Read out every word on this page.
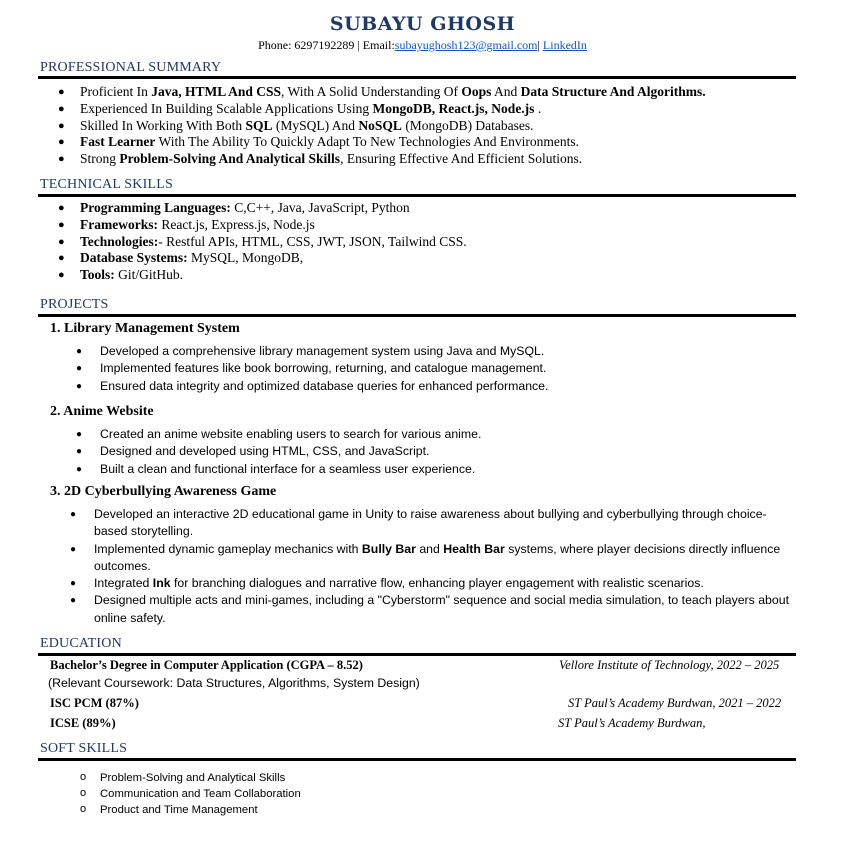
SUBAYU GHOSH
Phone: 6297192289 | Email:subayughosh123@gmail.com| LinkedIn
PROFESSIONAL SUMMARY
● Proficient In Java, HTML And CSS, With A Solid Understanding Of Oops And Data Structure And Algorithms.
● Experienced In Building Scalable Applications Using MongoDB, React.js, Node.js .
● Skilled In Working With Both SQL (MySQL) And NoSQL (MongoDB) Databases.
● Fast Learner With The Ability To Quickly Adapt To New Technologies And Environments.
● Strong Problem-Solving And Analytical Skills, Ensuring Effective And Efficient Solutions.
TECHNICAL SKILLS
● Programming Languages: C,C++, Java, JavaScript, Python
● Frameworks: React.js, Express.js, Node.js
● Technologies:- Restful APIs, HTML, CSS, JWT, JSON, Tailwind CSS.
● Database Systems: MySQL, MongoDB,
● Tools: Git/GitHub.
PROJECTS
1. Library Management System
● Developed a comprehensive library management system using Java and MySQL.
● Implemented features like book borrowing, returning, and catalogue management.
● Ensured data integrity and optimized database queries for enhanced performance.
2. Anime Website
● Created an anime website enabling users to search for various anime.
● Designed and developed using HTML, CSS, and JavaScript.
● Built a clean and functional interface for a seamless user experience.
3. 2D Cyberbullying Awareness Game
● Developed an interactive 2D educational game in Unity to raise awareness about bullying and cyberbullying through choice-based storytelling.
● Implemented dynamic gameplay mechanics with Bully Bar and Health Bar systems, where player decisions directly influence outcomes.
● Integrated Ink for branching dialogues and narrative flow, enhancing player engagement with realistic scenarios.
● Designed multiple acts and mini-games, including a "Cyberstorm" sequence and social media simulation, to teach players about online safety.
EDUCATION
Bachelor’s Degree in Computer Application (CGPA – 8.52)	Vellore Institute of Technology, 2022 – 2025
(Relevant Coursework: Data Structures, Algorithms, System Design)
ISC PCM (87%)	ST Paul’s Academy Burdwan, 2021 – 2022
ICSE (89%)	ST Paul’s Academy Burdwan,
SOFT SKILLS
o Problem-Solving and Analytical Skills
o Communication and Team Collaboration
o Product and Time Management
